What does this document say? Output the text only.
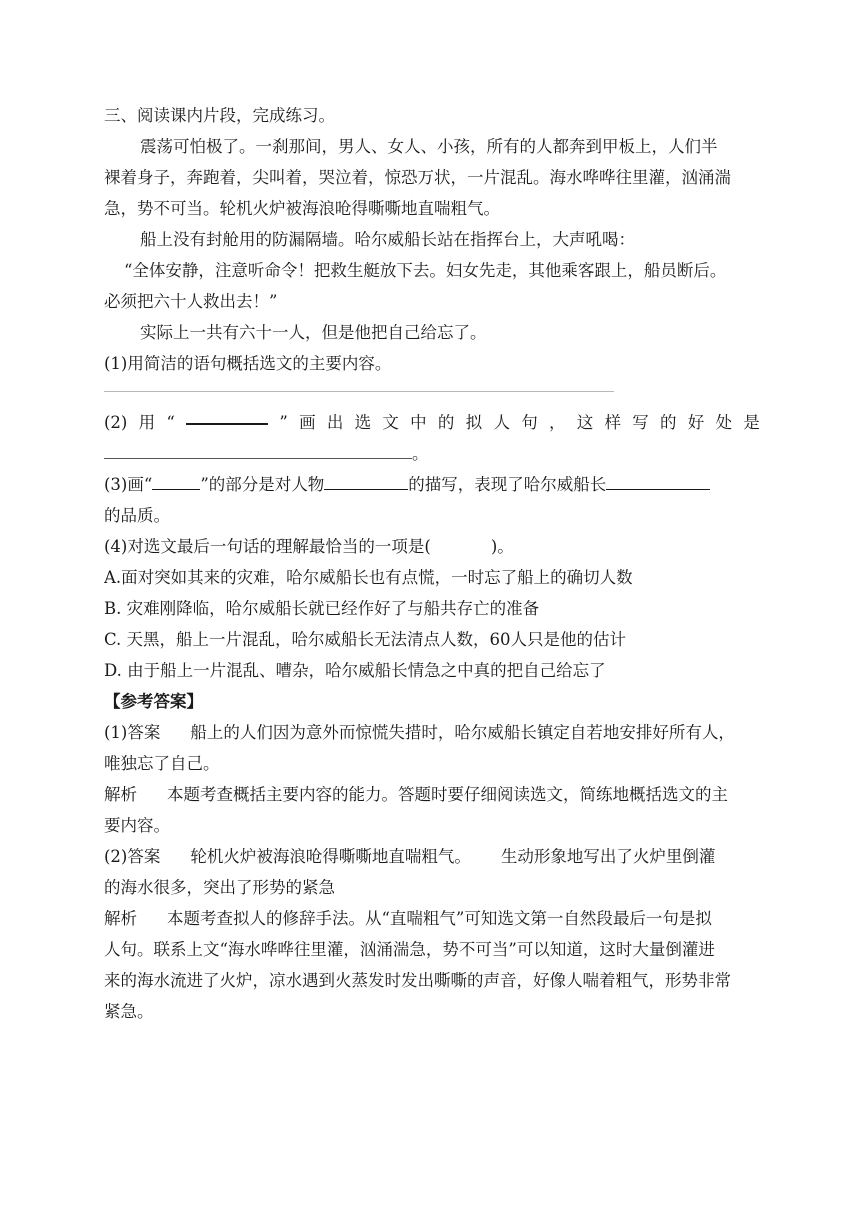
三、阅读课内片段，完成练习。
震荡可怕极了。一刹那间，男人、女人、小孩，所有的人都奔到甲板上，人们半
裸着身子，奔跑着，尖叫着，哭泣着，惊恐万状，一片混乱。海水哗哗往里灌，汹涌湍
急，势不可当。轮机火炉被海浪呛得嘶嘶地直喘粗气。
船上没有封舱用的防漏隔墙。哈尔威船长站在指挥台上，大声吼喝：
“全体安静，注意听命令！把救生艇放下去。妇女先走，其他乘客跟上，船员断后。
必须把六十人救出去！”
实际上一共有六十一人，但是他把自己给忘了。
(1)用简洁的语句概括选文的主要内容。
(2) 用 “	” 画 出 选 文 中 的 拟 人 句 ， 这 样 写 的 好 处 是
。
(3)画“	”的部分是对人物	的描写，表现了哈尔威船长
的品质。
(4)对选文最后一句话的理解最恰当的一项是(	)。
A.面对突如其来的灾难，哈尔威船长也有点慌，一时忘了船上的确切人数
B. 灾难刚降临，哈尔威船长就已经作好了与船共存亡的准备
C. 天黑，船上一片混乱，哈尔威船长无法清点人数，60人只是他的估计
D. 由于船上一片混乱、嘈杂，哈尔威船长情急之中真的把自己给忘了
【参考答案】
(1)答案 船上的人们因为意外而惊慌失措时，哈尔威船长镇定自若地安排好所有人，
唯独忘了自己。
解析 本题考查概括主要内容的能力。答题时要仔细阅读选文，简练地概括选文的主
要内容。
(2)答案 轮机火炉被海浪呛得嘶嘶地直喘粗气。 生动形象地写出了火炉里倒灌
的海水很多，突出了形势的紧急
解析 本题考查拟人的修辞手法。从“直喘粗气”可知选文第一自然段最后一句是拟
人句。联系上文“海水哗哗往里灌，汹涌湍急，势不可当”可以知道，这时大量倒灌进
来的海水流进了火炉，凉水遇到火蒸发时发出嘶嘶的声音，好像人喘着粗气，形势非常
紧急。
